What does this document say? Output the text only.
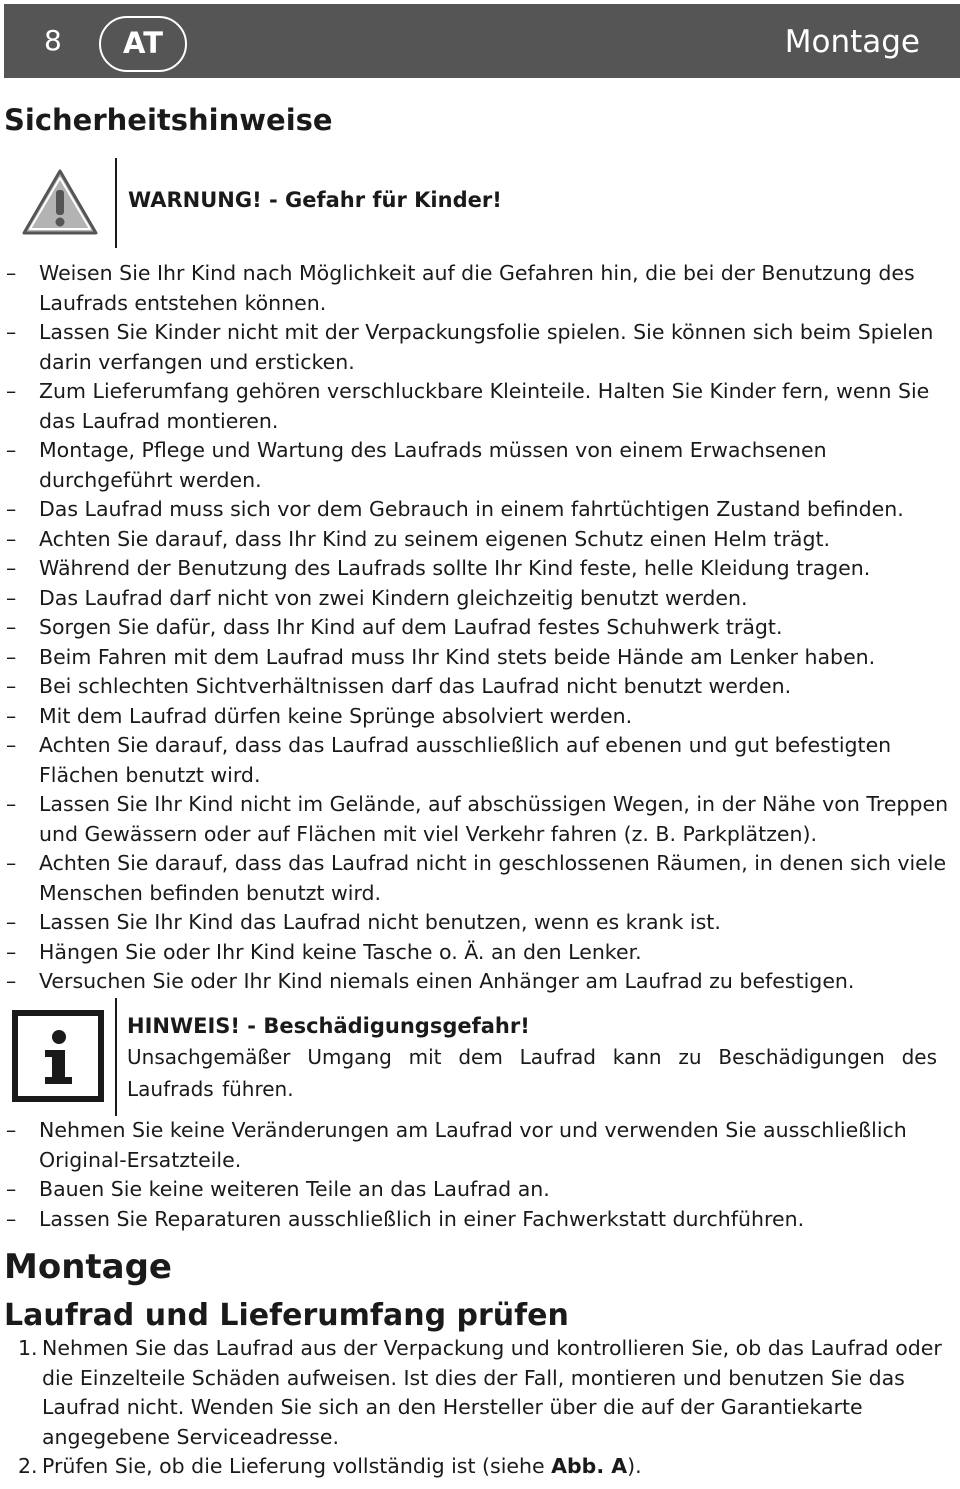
8	AT	Montage
Sicherheitshinweise
WARNUNG! - Gefahr für Kinder!
– Weisen Sie Ihr Kind nach Möglichkeit auf die Gefahren hin, die bei der Benutzung des Laufrads entstehen können.
– Lassen Sie Kinder nicht mit der Verpackungsfolie spielen. Sie können sich beim Spielen darin verfangen und ersticken.
– Zum Lieferumfang gehören verschluckbare Kleinteile. Halten Sie Kinder fern, wenn Sie das Laufrad montieren.
– Montage, Pflege und Wartung des Laufrads müssen von einem Erwachsenen durchgeführt werden.
– Das Laufrad muss sich vor dem Gebrauch in einem fahrtüchtigen Zustand befinden.
– Achten Sie darauf, dass Ihr Kind zu seinem eigenen Schutz einen Helm trägt.
– Während der Benutzung des Laufrads sollte Ihr Kind feste, helle Kleidung tragen.
– Das Laufrad darf nicht von zwei Kindern gleichzeitig benutzt werden.
– Sorgen Sie dafür, dass Ihr Kind auf dem Laufrad festes Schuhwerk trägt.
– Beim Fahren mit dem Laufrad muss Ihr Kind stets beide Hände am Lenker haben.
– Bei schlechten Sichtverhältnissen darf das Laufrad nicht benutzt werden.
– Mit dem Laufrad dürfen keine Sprünge absolviert werden.
– Achten Sie darauf, dass das Laufrad ausschließlich auf ebenen und gut befestigten Flächen benutzt wird.
– Lassen Sie Ihr Kind nicht im Gelände, auf abschüssigen Wegen, in der Nähe von Treppen und Gewässern oder auf Flächen mit viel Verkehr fahren (z. B. Parkplätzen).
– Achten Sie darauf, dass das Laufrad nicht in geschlossenen Räumen, in denen sich viele Menschen befinden benutzt wird.
– Lassen Sie Ihr Kind das Laufrad nicht benutzen, wenn es krank ist.
– Hängen Sie oder Ihr Kind keine Tasche o. Ä. an den Lenker.
– Versuchen Sie oder Ihr Kind niemals einen Anhänger am Laufrad zu befestigen.
HINWEIS! - Beschädigungsgefahr!
Unsachgemäßer Umgang mit dem Laufrad kann zu Beschädigungen des Laufrads führen.
– Nehmen Sie keine Veränderungen am Laufrad vor und verwenden Sie ausschließlich Original-Ersatzteile.
– Bauen Sie keine weiteren Teile an das Laufrad an.
– Lassen Sie Reparaturen ausschließlich in einer Fachwerkstatt durchführen.
Montage
Laufrad und Lieferumfang prüfen
1. Nehmen Sie das Laufrad aus der Verpackung und kontrollieren Sie, ob das Laufrad oder die Einzelteile Schäden aufweisen. Ist dies der Fall, montieren und benutzen Sie das Laufrad nicht. Wenden Sie sich an den Hersteller über die auf der Garantiekarte angegebene Serviceadresse.
2. Prüfen Sie, ob die Lieferung vollständig ist (siehe Abb. A).
